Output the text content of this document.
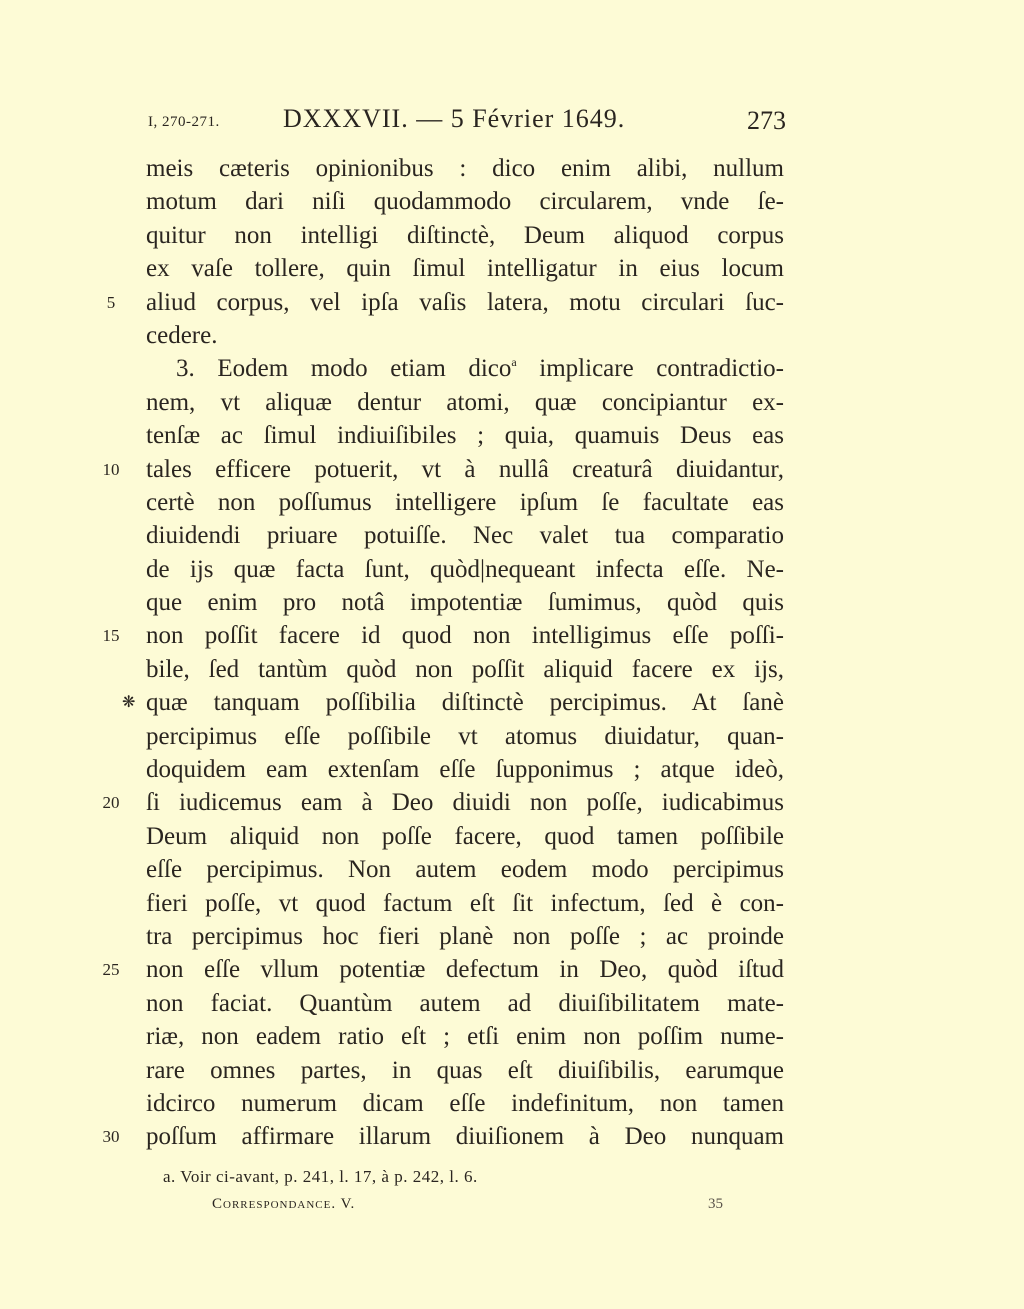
I, 270-271. DXXXVII. — 5 Février 1649.	273
meis cæteris opinionibus : dico enim alibi, nullum
motum dari niſi quodammodo circularem, vnde ſe-
quitur non intelligi diſtinctè, Deum aliquod corpus
ex vaſe tollere, quin ſimul intelligatur in eius locum
5	aliud corpus, vel ipſa vaſis latera, motu circulari ſuc-
cedere.
3. Eodem modo etiam dico$^a$ implicare contradictio-
nem, vt aliquæ dentur atomi, quæ concipiantur ex-
tenſæ ac ſimul indiuiſibiles ; quia, quamuis Deus eas
10 tales efficere potuerit, vt à nullâ creaturâ diuidantur,
certè non poſſumus intelligere ipſum ſe facultate eas
diuidendi priuare potuiſſe. Nec valet tua comparatio
de ijs quæ facta ſunt, quòd|nequeant infecta eſſe. Ne-
que enim pro notâ impotentiæ ſumimus, quòd quis
15 non poſſit facere id quod non intelligimus eſſe poſſi-
bile, ſed tantùm quòd non poſſit aliquid facere ex ijs,
❋ quæ tanquam poſſibilia diſtinctè percipimus. At ſanè
percipimus eſſe poſſibile vt atomus diuidatur, quan-
doquidem eam extenſam eſſe ſupponimus ; atque ideò,
20 ſi iudicemus eam à Deo diuidi non poſſe, iudicabimus
Deum aliquid non poſſe facere, quod tamen poſſibile
eſſe percipimus. Non autem eodem modo percipimus
fieri poſſe, vt quod factum eſt ſit infectum, ſed è con-
tra percipimus hoc fieri planè non poſſe ; ac proinde
25 non eſſe vllum potentiæ defectum in Deo, quòd iſtud
non faciat. Quantùm autem ad diuiſibilitatem mate-
riæ, non eadem ratio eſt ; etſi enim non poſſim nume-
rare omnes partes, in quas eſt diuiſibilis, earumque
idcirco numerum dicam eſſe indefinitum, non tamen
30 poſſum affirmare illarum diuiſionem à Deo nunquam
a. Voir ci-avant, p. 241, l. 17, à p. 242, l. 6.
Correspondance. V.	35
